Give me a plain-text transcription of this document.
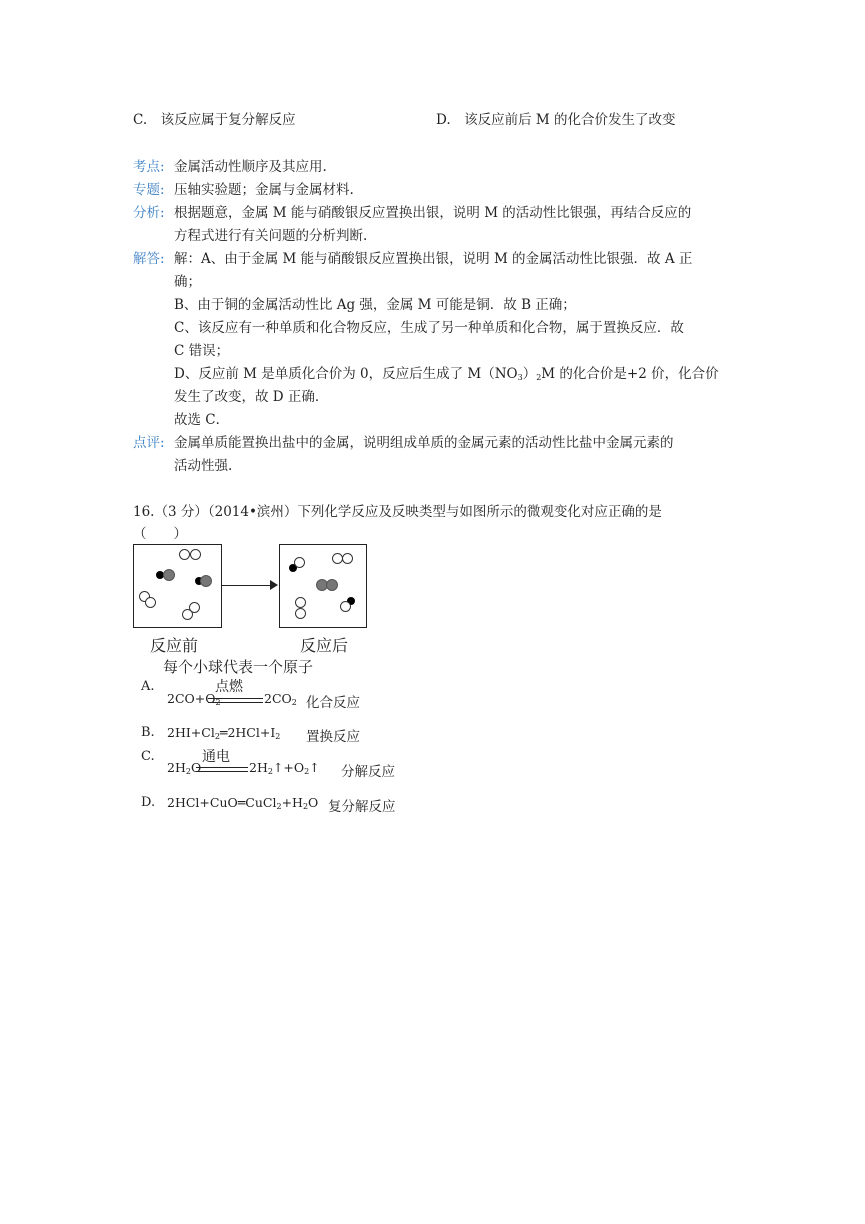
C.　该反应属于复分解反应	D.　该反应前后 M 的化合价发生了改变
考点: 金属活动性顺序及其应用.
专题: 压轴实验题；金属与金属材料.
分析: 根据题意，金属 M 能与硝酸银反应置换出银，说明 M 的活动性比银强，再结合反应的
方程式进行有关问题的分析判断.
解答: 解：A、由于金属 M 能与硝酸银反应置换出银，说明 M 的金属活动性比银强．故 A 正
确；
B、由于铜的金属活动性比 Ag 强，金属 M 可能是铜．故 B 正确；
C、该反应有一种单质和化合物反应，生成了另一种单质和化合物，属于置换反应．故
C 错误；
D、反应前 M 是单质化合价为 0，反应后生成了 $M(NO_3)_2M$ 的化合价是+2 价，化合价
发生了改变，故 D 正确．
故选 C．
点评: 金属单质能置换出盐中的金属，说明组成单质的金属元素的活动性比盐中金属元素的
活动性强.
16.（3 分）（2014•滨州）下列化学反应及反映类型与如图所示的微观变化对应正确的是
（　　）
反应前	反应后
每个小球代表一个原子
A.	点燃
$2CO+O_2$	$2CO_2$ 化合反应
B. $2HI+Cl_2═2HCl+I_2$ 置换反应
C.	通电
$2H_2O$	$2H_2↑+O_2↑$ 分解反应
D. $2HCl+CuO═CuCl_2+H_2O$ 复分解反应
